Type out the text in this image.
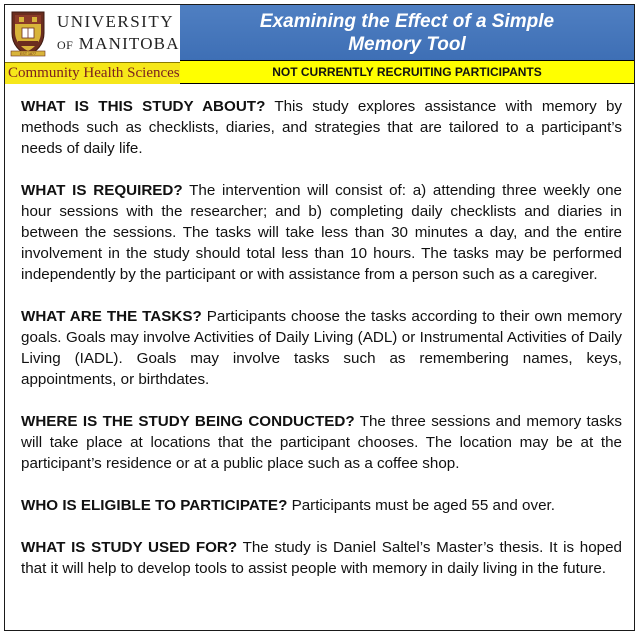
EST 1877
UNIVERSITY
OF MANITOBA
Community Health Sciences
Examining the Effect of a Simple
Memory Tool
NOT CURRENTLY RECRUITING PARTICIPANTS

WHAT IS THIS STUDY ABOUT? This study explores assistance with memory by methods such as checklists, diaries, and strategies that are tailored to a participant’s needs of daily life.

WHAT IS REQUIRED? The intervention will consist of: a) attending three weekly one hour sessions with the researcher; and b) completing daily checklists and diaries in between the sessions. The tasks will take less than 30 minutes a day, and the entire involvement in the study should total less than 10 hours. The tasks may be performed independently by the participant or with assistance from a person such as a caregiver.

WHAT ARE THE TASKS? Participants choose the tasks according to their own memory goals. Goals may involve Activities of Daily Living (ADL) or Instrumental Activities of Daily Living (IADL). Goals may involve tasks such as remembering names, keys, appointments, or birthdates.

WHERE IS THE STUDY BEING CONDUCTED? The three sessions and memory tasks will take place at locations that the participant chooses. The location may be at the participant’s residence or at a public place such as a coffee shop.

WHO IS ELIGIBLE TO PARTICIPATE? Participants must be aged 55 and over.

WHAT IS STUDY USED FOR? The study is Daniel Saltel’s Master’s thesis. It is hoped that it will help to develop tools to assist people with memory in daily living in the future.
